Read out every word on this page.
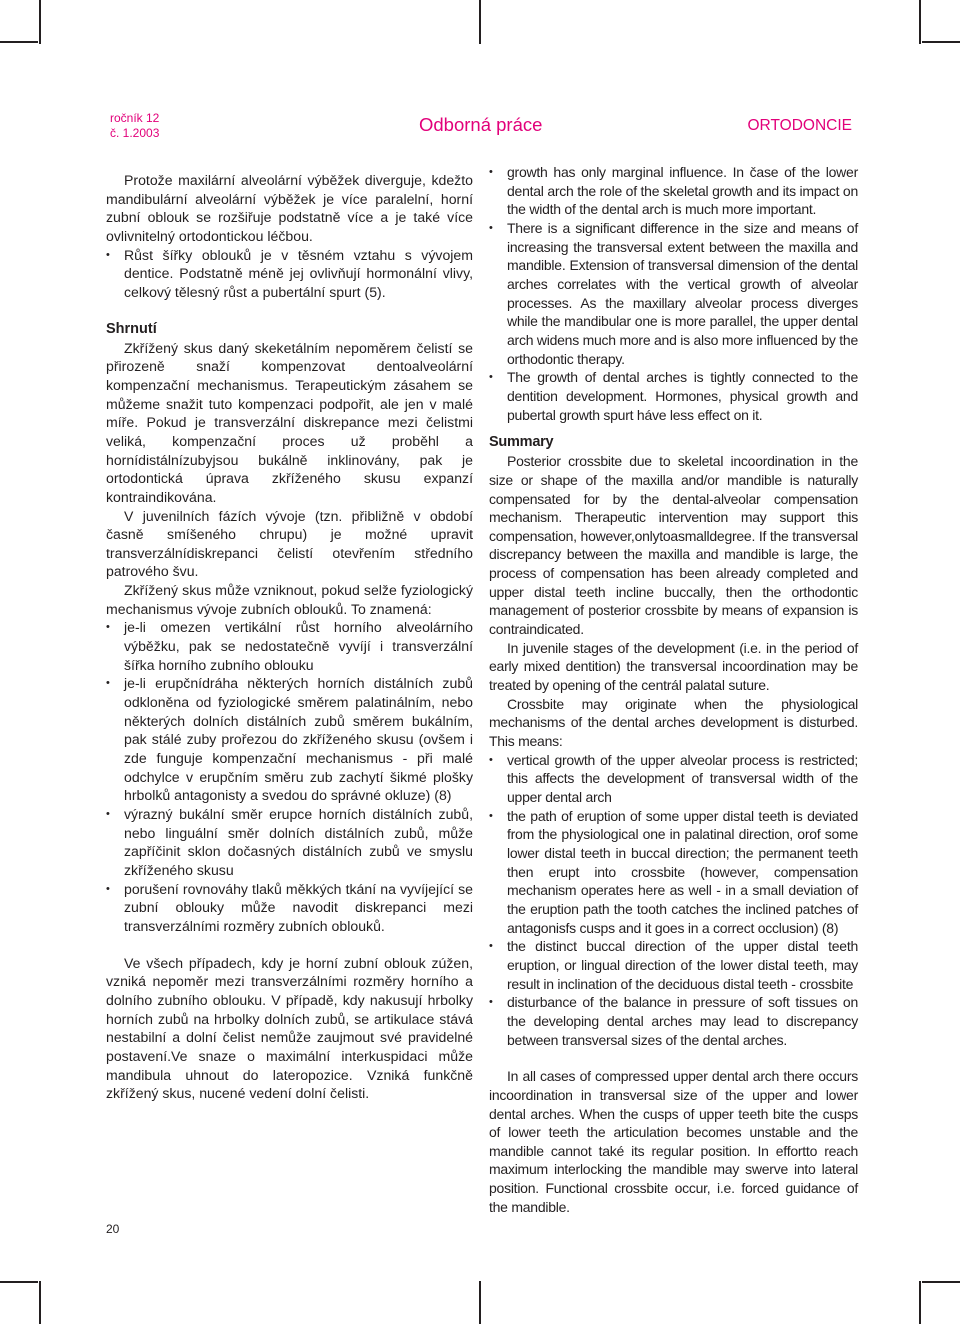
ročník 12
č. 1.2003	Odborná práce	ORTODONCIE

Protože maxilární alveolární výběžek diverguje, kdežto mandibulární alveolární výběžek je více paralelní, horní zubní oblouk se rozšiřuje podstatně více a je také více ovlivnitelný ortodontickou léčbou.

• Růst šířky oblouků je v těsném vztahu s vývojem dentice. Podstatně méně jej ovlivňují hormonální vlivy, celkový tělesný růst a pubertální spurt (5).
Shrnutí

Zkřížený skus daný skeketálním nepoměrem čelistí se přirozeně snaží kompenzovat dentoalveolární kompenzační mechanismus. Terapeutickým zásahem se můžeme snažit tuto kompenzaci podpořit, ale jen v malé míře. Pokud je transverzální diskrepance mezi čelistmi veliká, kompenzační proces už proběhl a hornídistálnízubyjsou bukálně inklinovány, pak je ortodontická úprava zkříženého skusu expanzí kontraindikována.

V juvenilních fázích vývoje (tzn. přibližně v období časně smíšeného chrupu) je možné upravit transverzálnídiskrepanci čelistí otevřením středního patrového švu.

Zkřížený skus může vzniknout, pokud selže fyziologický mechanismus vývoje zubních oblouků. To znamená:

• je-li omezen vertikální růst horního alveolárního výběžku, pak se nedostatečně vyvíjí i transverzální šířka horního zubního oblouku
• je-li erupčnídráha některých horních distálních zubů odkloněna od fyziologické směrem palatinálním, nebo některých dolních distálních zubů směrem bukálním, pak stálé zuby prořezou do zkříženého skusu (ovšem i zde funguje kompenzační mechanismus - při malé odchylce v erupčním směru zub zachytí šikmé plošky hrbolků antagonisty a svedou do správné okluze) (8)
• výrazný bukální směr erupce horních distálních zubů, nebo linguální směr dolních distálních zubů, může zapříčinit sklon dočasných distálních zubů ve smyslu zkříženého skusu
• porušení rovnováhy tlaků měkkých tkání na vyvíjející se zubní oblouky může navodit diskrepanci mezi transverzálními rozměry zubních oblouků.

Ve všech případech, kdy je horní zubní oblouk zúžen, vzniká nepoměr mezi transverzálními rozměry horního a dolního zubního oblouku. V případě, kdy nakusují hrbolky horních zubů na hrbolky dolních zubů, se artikulace stává nestabilní a dolní čelist nemůže zaujmout své pravidelné postavení.Ve snaze o maximální interkuspidaci může mandibula uhnout do lateropozice. Vzniká funkčně zkřížený skus, nucené vedení dolní čelisti.

• growth has only marginal influence. In čase of the lower dental arch the role of the skeletal growth and its impact on the width of the dental arch is much more important.
• There is a significant difference in the size and means of increasing the transversal extent between the maxilla and mandible. Extension of transversal dimension of the dental arches correlates with the vertical growth of alveolar processes. As the maxillary alveolar process diverges while the mandibular one is more parallel, the upper dental arch widens much more and is also more influenced by the orthodontic therapy.
• The growth of dental arches is tightly connected to the dentition development. Hormones, physical growth and pubertal growth spurt háve less effect on it.
Summary

Posterior crossbite due to skeletal incoordination in the size or shape of the maxilla and/or mandible is naturally compensated for by the dental-alveolar compensation mechanism. Therapeutic intervention may support this compensation, however,onlytoasmalldegree. If the transversal discrepancy between the maxilla and mandible is large, the process of compensation has been already completed and upper distal teeth incline buccally, then the orthodontic management of posterior crossbite by means of expansion is contraindicated.

In juvenile stages of the development (i.e. in the period of early mixed dentition) the transversal incoordination may be treated by opening of the centrál palatal suture.

Crossbite may originate when the physiological mechanisms of the dental arches development is disturbed. This means:

• vertical growth of the upper alveolar process is restricted; this affects the development of transversal width of the upper dental arch
• the path of eruption of some upper distal teeth is deviated from the physiological one in palatinal direction, orof some lower distal teeth in buccal direction; the permanent teeth then erupt into crossbite (however, compensation mechanism operates here as well - in a small deviation of the eruption path the tooth catches the inclined patches of antagonisfs cusps and it goes in a correct occlusion) (8)
• the distinct buccal direction of the upper distal teeth eruption, or lingual direction of the lower distal teeth, may result in inclination of the deciduous distal teeth - crossbite
• disturbance of the balance in pressure of soft tissues on the developing dental arches may lead to discrepancy between transversal sizes of the dental arches.

In all cases of compressed upper dental arch there occurs incoordination in transversal size of the upper and lower dental arches. When the cusps of upper teeth bite the cusps of lower teeth the articulation becomes unstable and the mandible cannot také its regular position. In effortto reach maximum interlocking the mandible may swerve into lateral position. Functional crossbite occur, i.e. forced guidance of the mandible.

20
